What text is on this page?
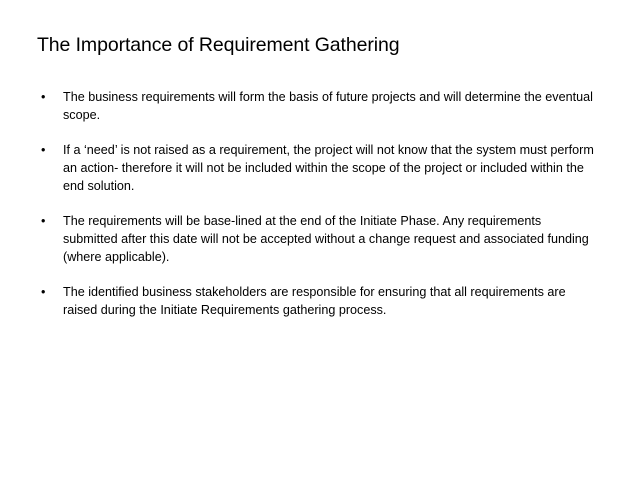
The Importance of Requirement Gathering
•	The business requirements will form the basis of future projects and will determine the eventual scope.
•	If a ‘need’ is not raised as a requirement, the project will not know that the system must perform an action- therefore it will not be included within the scope of the project or included within the end solution.
•	The requirements will be base-lined at the end of the Initiate Phase. Any requirements submitted after this date will not be accepted without a change request and associated funding (where applicable).
•	The identified business stakeholders are responsible for ensuring that all requirements are raised during the Initiate Requirements gathering process.
